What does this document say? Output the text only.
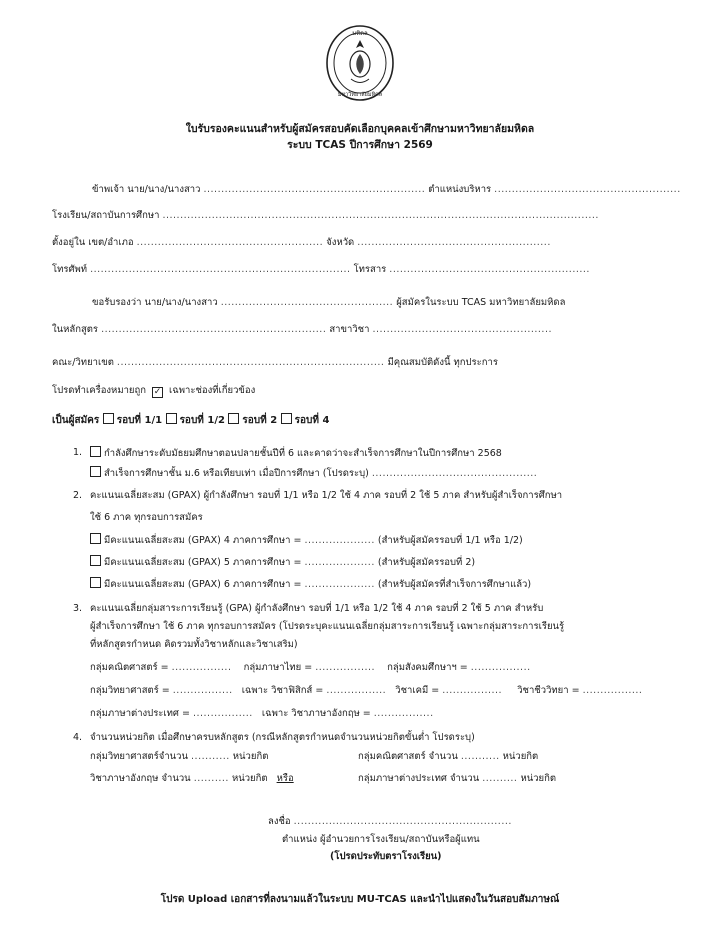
มหิดล
มหาวิทยาลัยมหิดล
ใบรับรองคะแนนสำหรับผู้สมัครสอบคัดเลือกบุคคลเข้าศึกษามหาวิทยาลัยมหิดล
ระบบ TCAS ปีการศึกษา 2569
ข้าพเจ้า นาย/นาง/นางสาว ............................................................... ตำแหน่งบริหาร .....................................................
โรงเรียน/สถาบันการศึกษา ............................................................................................................................
ตั้งอยู่ใน เขต/อำเภอ ..................................................... จังหวัด .......................................................
โทรศัพท์ .......................................................................... โทรสาร .........................................................
ขอรับรองว่า นาย/นาง/นางสาว ................................................. ผู้สมัครในระบบ TCAS มหาวิทยาลัยมหิดล
ในหลักสูตร ................................................................ สาขาวิชา ...................................................
คณะ/วิทยาเขต ............................................................................ มีคุณสมบัติดังนี้ ทุกประการ
โปรดทำเครื่องหมายถูก ✓ เฉพาะช่องที่เกี่ยวข้อง
เป็นผู้สมัคร รอบที่ 1/1 รอบที่ 1/2 รอบที่ 2 รอบที่ 4
1.	กำลังศึกษาระดับมัธยมศึกษาตอนปลายชั้นปีที่ 6 และคาดว่าจะสำเร็จการศึกษาในปีการศึกษา 2568
สำเร็จการศึกษาชั้น ม.6 หรือเทียบเท่า เมื่อปีการศึกษา (โปรดระบุ) ...............................................
2. คะแนนเฉลี่ยสะสม (GPAX) ผู้กำลังศึกษา รอบที่ 1/1 หรือ 1/2 ใช้ 4 ภาค รอบที่ 2 ใช้ 5 ภาค สำหรับผู้สำเร็จการศึกษา
ใช้ 6 ภาค ทุกรอบการสมัคร
มีคะแนนเฉลี่ยสะสม (GPAX) 4 ภาคการศึกษา = .................... (สำหรับผู้สมัครรอบที่ 1/1 หรือ 1/2)
มีคะแนนเฉลี่ยสะสม (GPAX) 5 ภาคการศึกษา = .................... (สำหรับผู้สมัครรอบที่ 2)
มีคะแนนเฉลี่ยสะสม (GPAX) 6 ภาคการศึกษา = .................... (สำหรับผู้สมัครที่สำเร็จการศึกษาแล้ว)
3. คะแนนเฉลี่ยกลุ่มสาระการเรียนรู้ (GPA) ผู้กำลังศึกษา รอบที่ 1/1 หรือ 1/2 ใช้ 4 ภาค รอบที่ 2 ใช้ 5 ภาค สำหรับ
ผู้สำเร็จการศึกษา ใช้ 6 ภาค ทุกรอบการสมัคร (โปรดระบุคะแนนเฉลี่ยกลุ่มสาระการเรียนรู้ เฉพาะกลุ่มสาระการเรียนรู้
ที่หลักสูตรกำหนด คิดรวมทั้งวิชาหลักและวิชาเสริม)
กลุ่มคณิตศาสตร์ = ................. กลุ่มภาษาไทย = ................. กลุ่มสังคมศึกษาฯ = .................
กลุ่มวิทยาศาสตร์ = ................. เฉพาะ วิชาฟิสิกส์ = ................. วิชาเคมี = ................. วิชาชีววิทยา = .................
กลุ่มภาษาต่างประเทศ = ................. เฉพาะ วิชาภาษาอังกฤษ = .................
4. จำนวนหน่วยกิต เมื่อศึกษาครบหลักสูตร (กรณีหลักสูตรกำหนดจำนวนหน่วยกิตขั้นต่ำ โปรดระบุ)
กลุ่มวิทยาศาสตร์จำนวน ........... หน่วยกิต	กลุ่มคณิตศาสตร์ จำนวน ........... หน่วยกิต
วิชาภาษาอังกฤษ จำนวน .......... หน่วยกิต หรือ	กลุ่มภาษาต่างประเทศ จำนวน .......... หน่วยกิต
ลงชื่อ ..............................................................
ตำแหน่ง ผู้อำนวยการโรงเรียน/สถาบันหรือผู้แทน
(โปรดประทับตราโรงเรียน)
โปรด Upload เอกสารที่ลงนามแล้วในระบบ MU-TCAS และนำไปแสดงในวันสอบสัมภาษณ์
